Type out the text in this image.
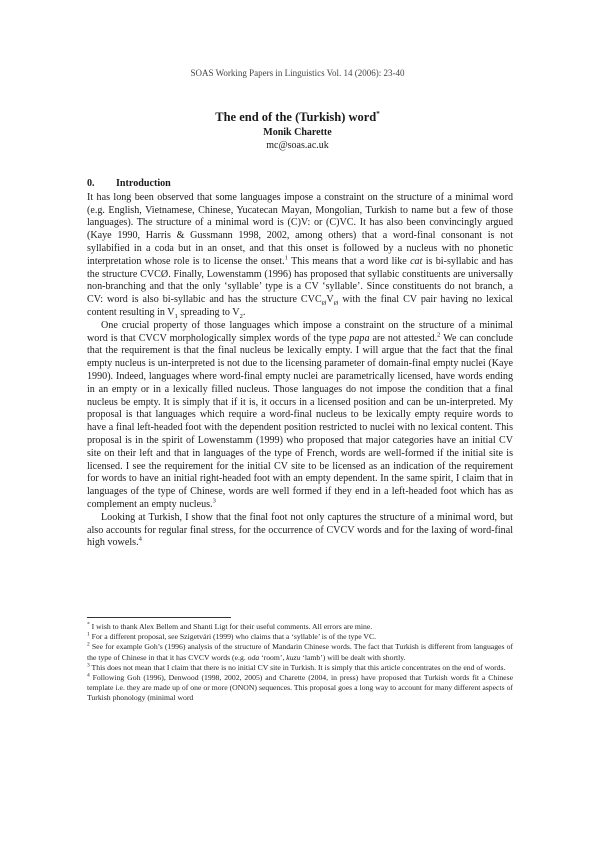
SOAS Working Papers in Linguistics Vol. 14 (2006): 23-40

The end of the (Turkish) word*

Monik Charette

mc@soas.ac.uk

0. Introduction

It has long been observed that some languages impose a constraint on the structure of a minimal word (e.g. English, Vietnamese, Chinese, Yucatecan Mayan, Mongolian, Turkish to name but a few of those languages). The structure of a minimal word is (C)V: or (C)VC. It has also been convincingly argued (Kaye 1990, Harris & Gussmann 1998, 2002, among others) that a word-final consonant is not syllabified in a coda but in an onset, and that this onset is followed by a nucleus with no phonetic interpretation whose role is to license the onset.$^1$ This means that a word like cat is bi-syllabic and has the structure CVCØ. Finally, Lowenstamm (1996) has proposed that syllabic constituents are universally non-branching and that the only ‘syllable’ type is a CV ‘syllable’. Since constituents do not branch, a CV: word is also bi-syllabic and has the structure $CVC_ØV_Ø$ with the final CV pair having no lexical content resulting in $V_1$ spreading to $V_2$.

One crucial property of those languages which impose a constraint on the structure of a minimal word is that CVCV morphologically simplex words of the type papa are not attested.$^2$ We can conclude that the requirement is that the final nucleus be lexically empty. I will argue that the fact that the final empty nucleus is un-interpreted is not due to the licensing parameter of domain-final empty nuclei (Kaye 1990). Indeed, languages where word-final empty nuclei are parametrically licensed, have words ending in an empty or in a lexically filled nucleus. Those languages do not impose the condition that a final nucleus be empty. It is simply that if it is, it occurs in a licensed position and can be un-interpreted. My proposal is that languages which require a word-final nucleus to be lexically empty require words to have a final left-headed foot with the dependent position restricted to nuclei with no lexical content. This proposal is in the spirit of Lowenstamm (1999) who proposed that major categories have an initial CV site on their left and that in languages of the type of French, words are well-formed if the initial site is licensed. I see the requirement for the initial CV site to be licensed as an indication of the requirement for words to have an initial right-headed foot with an empty dependent. In the same spirit, I claim that in languages of the type of Chinese, words are well formed if they end in a left-headed foot which has as complement an empty nucleus.$^3$

Looking at Turkish, I show that the final foot not only captures the structure of a minimal word, but also accounts for regular final stress, for the occurrence of CVCV words and for the laxing of word-final high vowels.$^4$

* I wish to thank Alex Bellem and Shanti Ligt for their useful comments. All errors are mine.

$^1$ For a different proposal, see Szigetvári (1999) who claims that a ‘syllable’ is of the type VC.

$^2$ See for example Goh’s (1996) analysis of the structure of Mandarin Chinese words. The fact that Turkish is different from languages of the type of Chinese in that it has CVCV words (e.g. oda ‘room’, kuzu ‘lamb’) will be dealt with shortly.

$^3$ This does not mean that I claim that there is no initial CV site in Turkish. It is simply that this article concentrates on the end of words.

$^4$ Following Goh (1996), Denwood (1998, 2002, 2005) and Charette (2004, in press) have proposed that Turkish words fit a Chinese template i.e. they are made up of one or more (ONON) sequences. This proposal goes a long way to account for many different aspects of Turkish phonology (minimal word
